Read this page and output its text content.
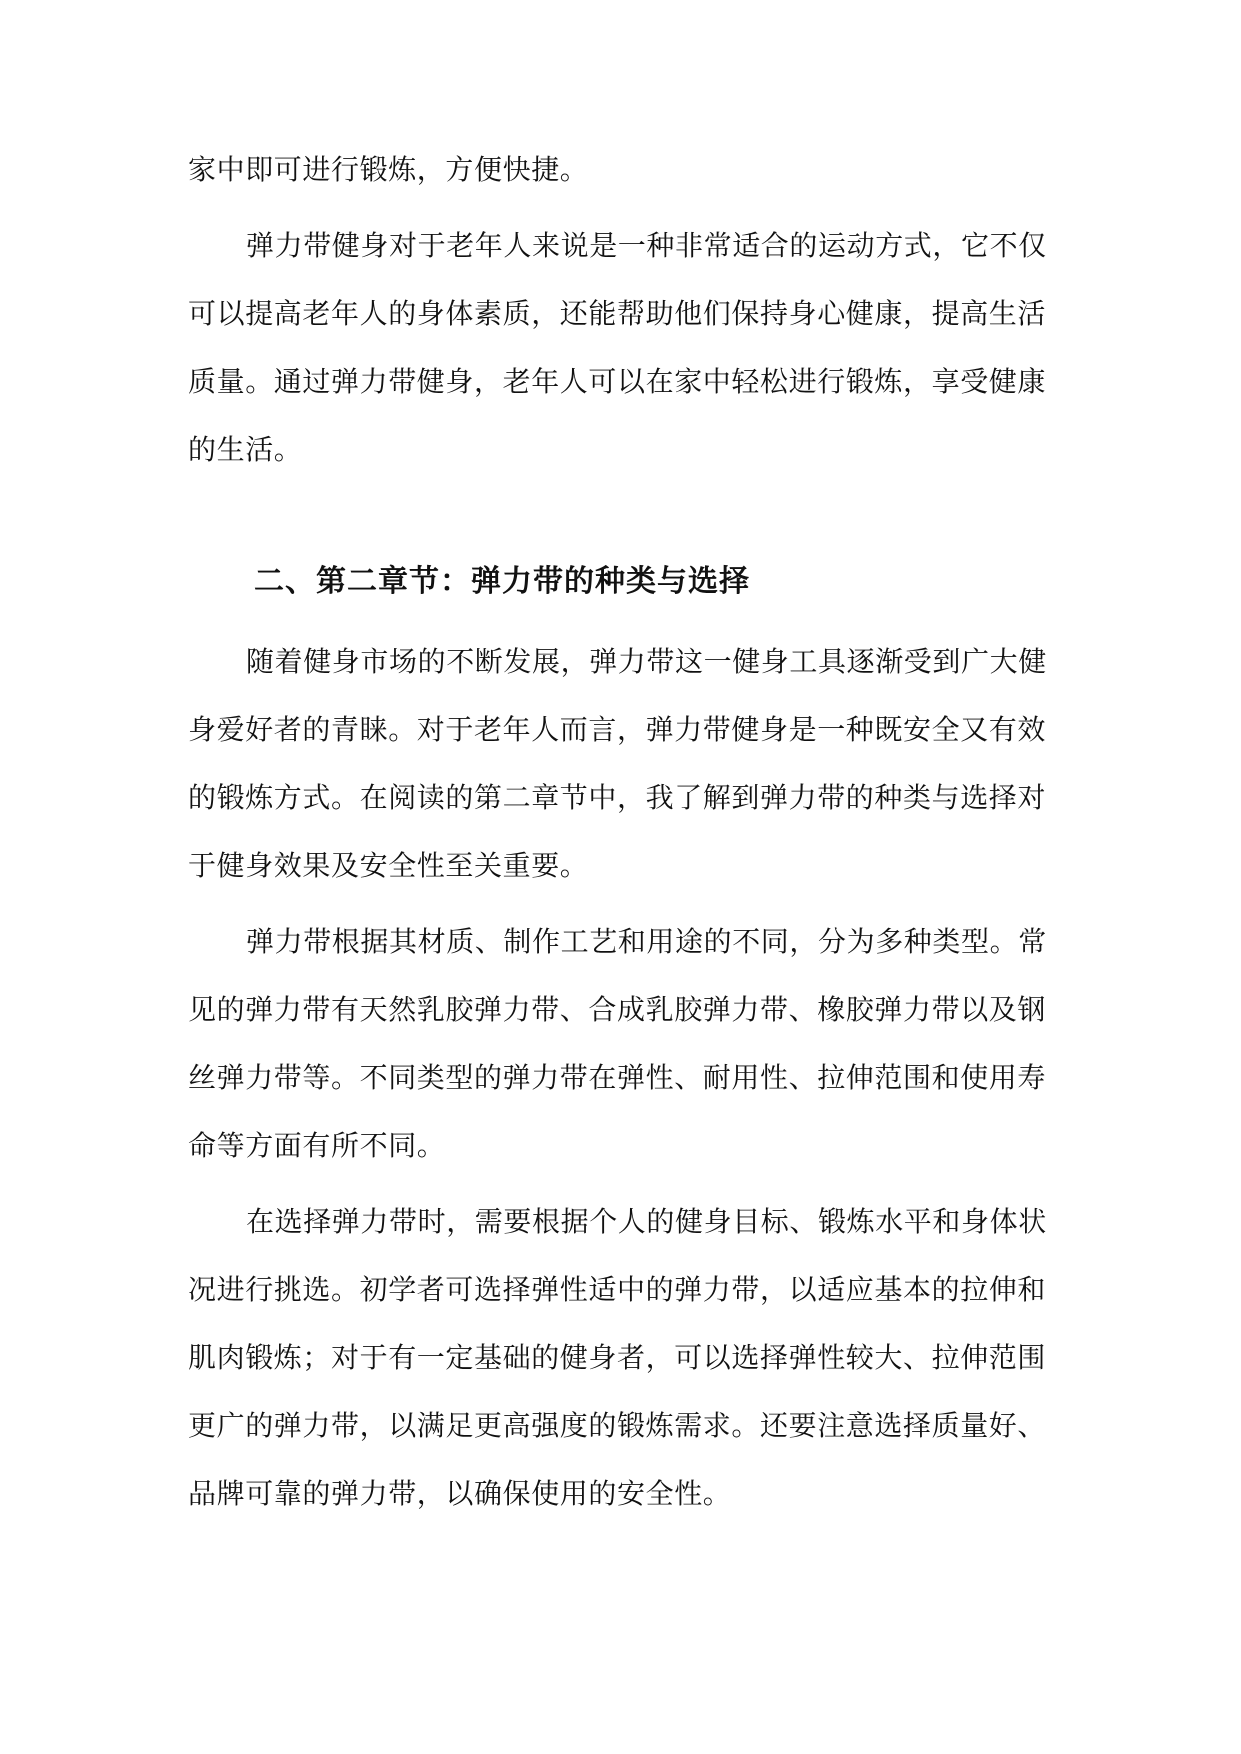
家中即可进行锻炼，方便快捷。
弹力带健身对于老年人来说是一种非常适合的运动方式，它不仅
可以提高老年人的身体素质，还能帮助他们保持身心健康，提高生活
质量。通过弹力带健身，老年人可以在家中轻松进行锻炼，享受健康
的生活。
二、第二章节：弹力带的种类与选择
随着健身市场的不断发展，弹力带这一健身工具逐渐受到广大健
身爱好者的青睐。对于老年人而言，弹力带健身是一种既安全又有效
的锻炼方式。在阅读的第二章节中，我了解到弹力带的种类与选择对
于健身效果及安全性至关重要。
弹力带根据其材质、制作工艺和用途的不同，分为多种类型。常
见的弹力带有天然乳胶弹力带、合成乳胶弹力带、橡胶弹力带以及钢
丝弹力带等。不同类型的弹力带在弹性、耐用性、拉伸范围和使用寿
命等方面有所不同。
在选择弹力带时，需要根据个人的健身目标、锻炼水平和身体状
况进行挑选。初学者可选择弹性适中的弹力带，以适应基本的拉伸和
肌肉锻炼；对于有一定基础的健身者，可以选择弹性较大、拉伸范围
更广的弹力带，以满足更高强度的锻炼需求。还要注意选择质量好、
品牌可靠的弹力带，以确保使用的安全性。
